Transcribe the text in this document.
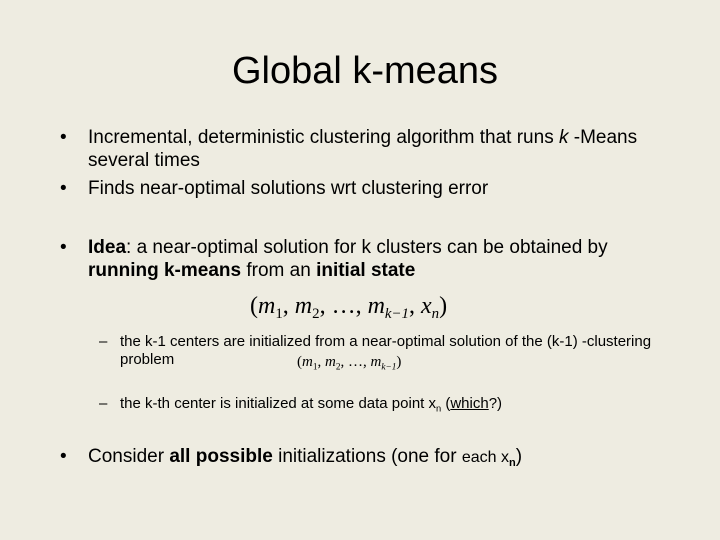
Global k-means
•	Incremental, deterministic clustering algorithm that runs k -Means several times
•	Finds near-optimal solutions wrt clustering error
•	Idea: a near-optimal solution for k clusters can be obtained by running k-means from an initial state
($m_1$, $m_2$, …, $m_{k-1}$, $x_n$)
– the k-1 centers are initialized from a near-optimal solution of the (k-1) -clustering problem	($m_1$, $m_2$, …, $m_{k-1}$)
– the k-th center is initialized at some data point $x_n$ (which?)
•	Consider all possible initializations (one for each $x_n$)
